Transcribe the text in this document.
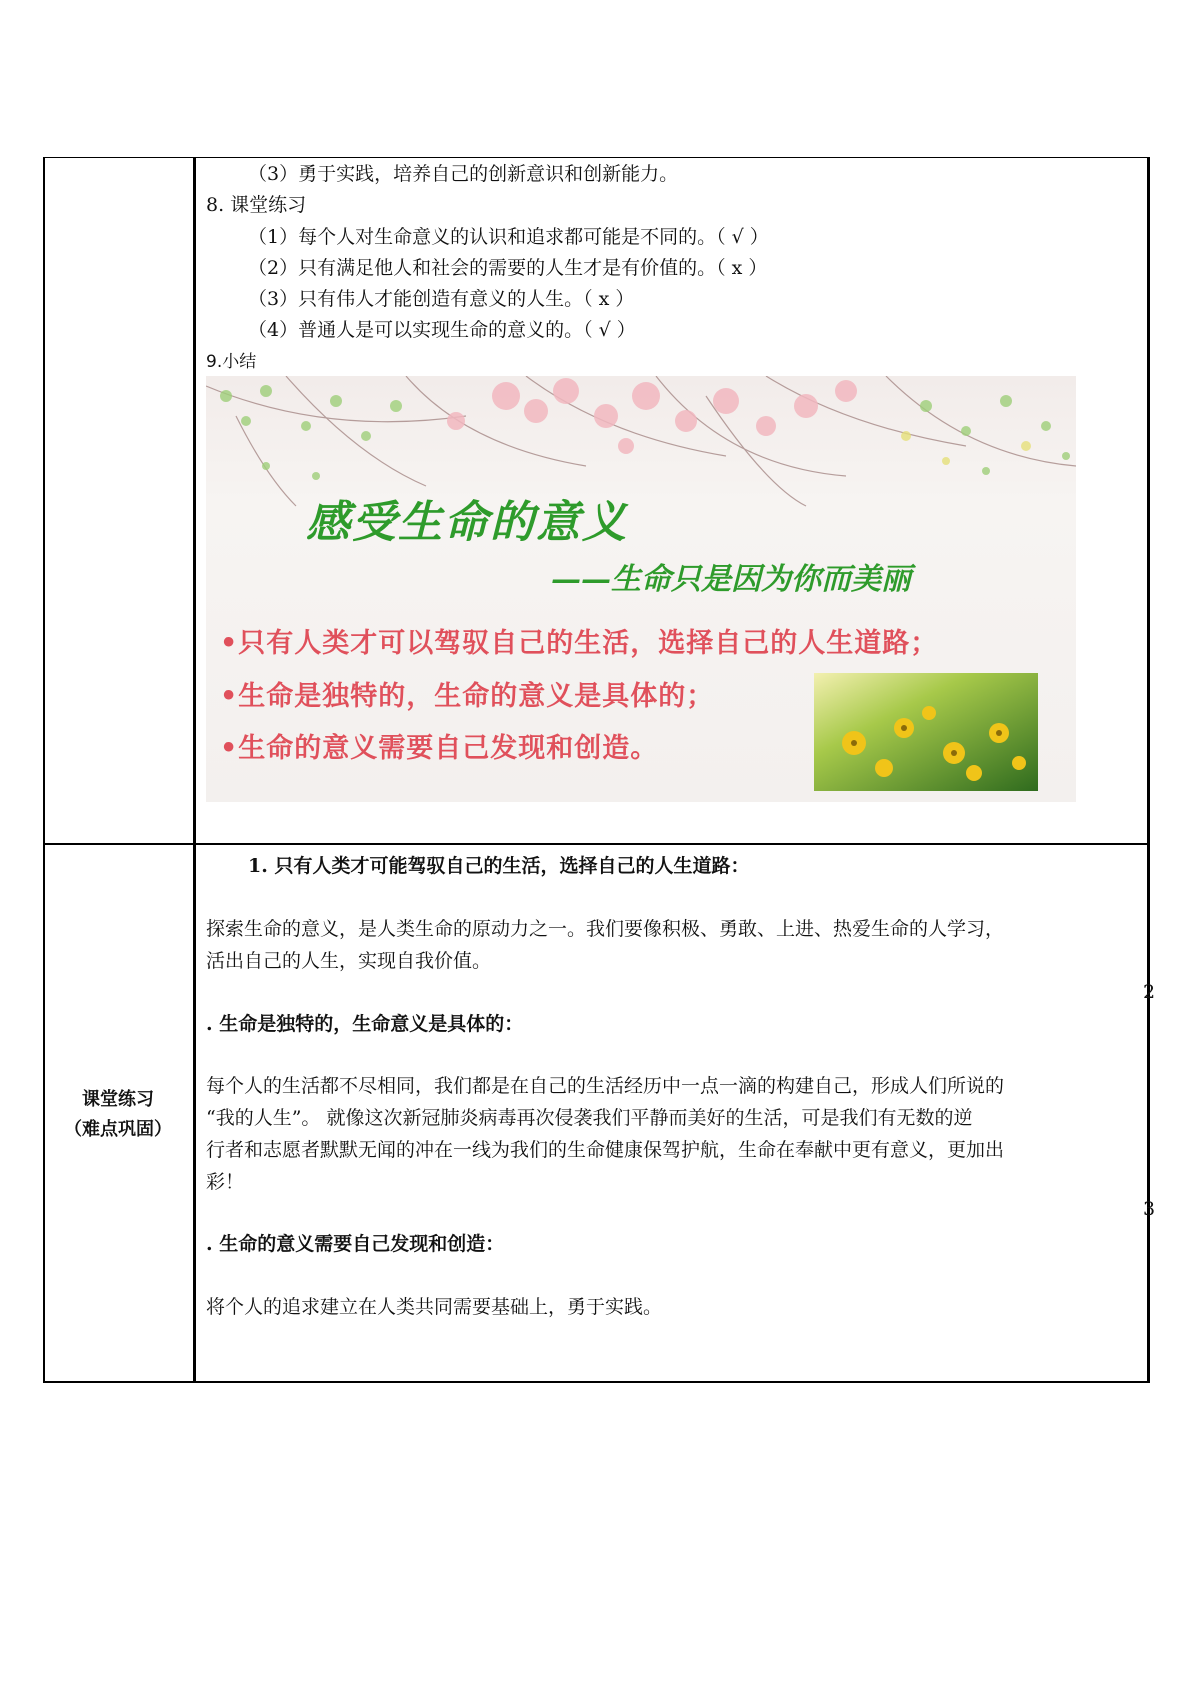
课堂练习
（难点巩固）
（3）勇于实践，培养自己的创新意识和创新能力。
8. 课堂练习
（1）每个人对生命意义的认识和追求都可能是不同的。（ √ ）
（2）只有满足他人和社会的需要的人生才是有价值的。（ x ）
（3）只有伟人才能创造有意义的人生。（ x ）
（4）普通人是可以实现生命的意义的。（ √ ）
9.小结
感受生命的意义
——生命只是因为你而美丽
•只有人类才可以驾驭自己的生活，选择自己的人生道路；
•生命是独特的，生命的意义是具体的；
•生命的意义需要自己发现和创造。
1. 只有人类才可能驾驭自己的生活，选择自己的人生道路：
探索生命的意义，是人类生命的原动力之一。我们要像积极、勇敢、上进、热爱生命的人学习，
活出自己的人生，实现自我价值。
2
. 生命是独特的，生命意义是具体的：
每个人的生活都不尽相同，我们都是在自己的生活经历中一点一滴的构建自己，形成人们所说的
“我的人生”。 就像这次新冠肺炎病毒再次侵袭我们平静而美好的生活，可是我们有无数的逆
行者和志愿者默默无闻的冲在一线为我们的生命健康保驾护航，生命在奉献中更有意义，更加出
彩！
3
. 生命的意义需要自己发现和创造：
将个人的追求建立在人类共同需要基础上，勇于实践。
